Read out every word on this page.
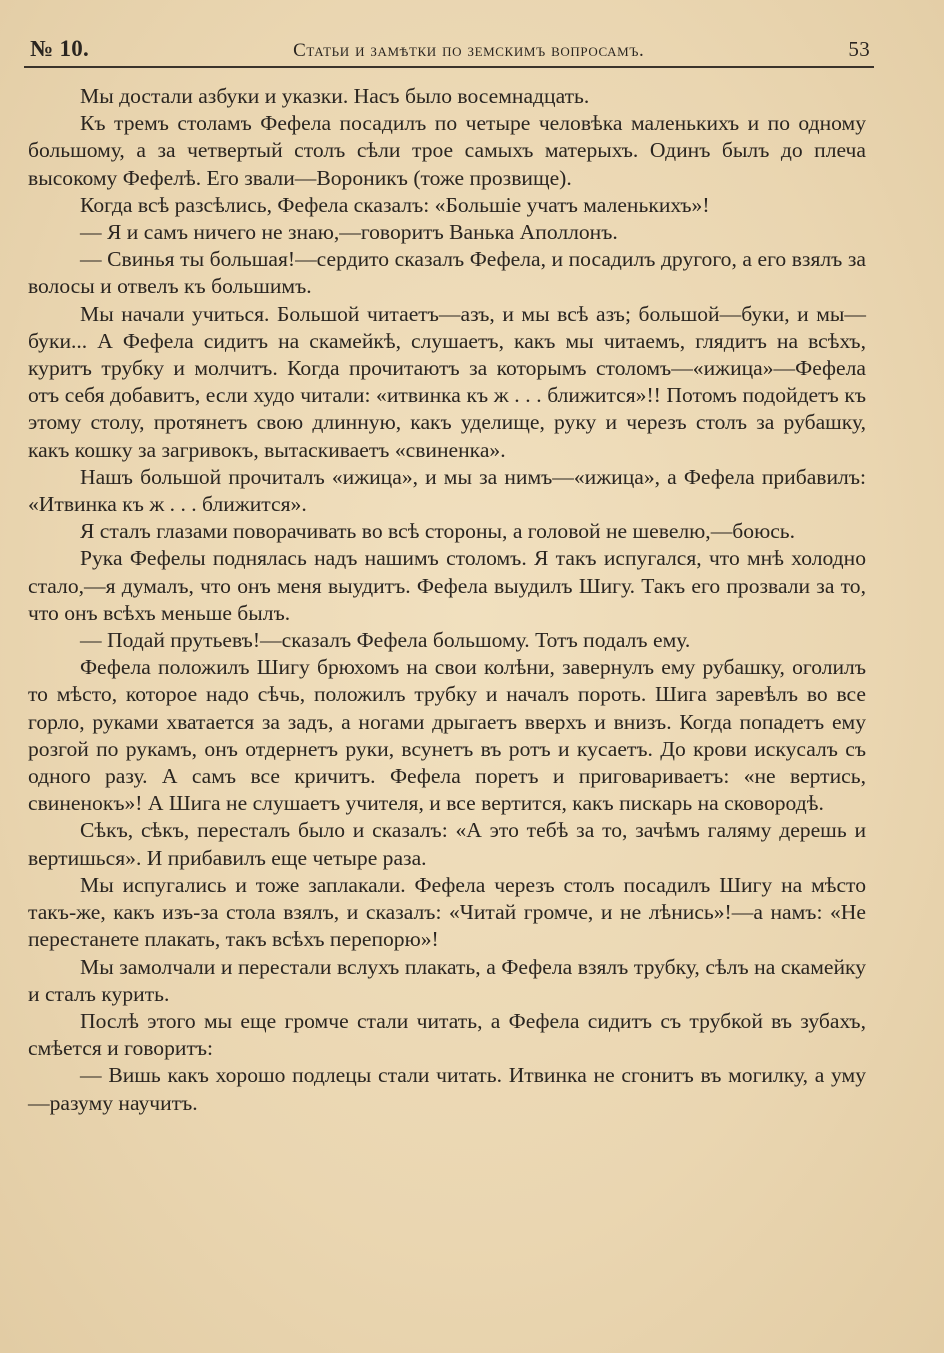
№ 10.	Статьи и замѣтки по земскимъ вопросамъ.	53

Мы достали азбуки и указки. Насъ было восемнадцать.

Къ тремъ столамъ Фефела посадилъ по четыре человѣка маленькихъ и по одному большому, а за четвертый столъ сѣли трое самыхъ матерыхъ. Одинъ былъ до плеча высокому Фефелѣ. Его звали—Вороникъ (тоже прозвище).

Когда всѣ разсѣлись, Фефела сказалъ: «Большіе учатъ маленькихъ»!

— Я и самъ ничего не знаю,—говоритъ Ванька Аполлонъ.

— Свинья ты большая!—сердито сказалъ Фефела, и посадилъ другого, а его взялъ за волосы и отвелъ къ большимъ.

Мы начали учиться. Большой читаетъ—азъ, и мы всѣ азъ; большой—буки, и мы—буки... А Фефела сидитъ на скамейкѣ, слушаетъ, какъ мы читаемъ, глядитъ на всѣхъ, куритъ трубку и молчитъ. Когда прочитаютъ за которымъ столомъ—«ижица»—Фефела отъ себя добавитъ, если худо читали: «итвинка къ ж . . . ближится»!! Потомъ подойдетъ къ этому столу, протянетъ свою длинную, какъ уделище, руку и черезъ столъ за рубашку, какъ кошку за загривокъ, вытаскиваетъ «свиненка».

Нашъ большой прочиталъ «ижица», и мы за нимъ—«ижица», а Фефела прибавилъ: «Итвинка къ ж . . . ближится».

Я сталъ глазами поворачивать во всѣ стороны, а головой не шевелю,—боюсь.

Рука Фефелы поднялась надъ нашимъ столомъ. Я такъ испугался, что мнѣ холодно стало,—я думалъ, что онъ меня выудитъ. Фефела выудилъ Шигу. Такъ его прозвали за то, что онъ всѣхъ меньше былъ.

— Подай прутьевъ!—сказалъ Фефела большому. Тотъ подалъ ему.

Фефела положилъ Шигу брюхомъ на свои колѣни, завернулъ ему рубашку, оголилъ то мѣсто, которое надо сѣчь, положилъ трубку и началъ пороть. Шига заревѣлъ во все горло, руками хватается за задъ, а ногами дрыгаетъ вверхъ и внизъ. Когда попадетъ ему розгой по рукамъ, онъ отдернетъ руки, всунетъ въ ротъ и кусаетъ. До крови искусалъ съ одного разу. А самъ все кричитъ. Фефела поретъ и приговариваетъ: «не вертись, свиненокъ»! А Шига не слушаетъ учителя, и все вертится, какъ пискарь на сковородѣ.

Сѣкъ, сѣкъ, пересталъ было и сказалъ: «А это тебѣ за то, зачѣмъ галяму дерешь и вертишься». И прибавилъ еще четыре раза.

Мы испугались и тоже заплакали. Фефела черезъ столъ посадилъ Шигу на мѣсто такъ-же, какъ изъ-за стола взялъ, и сказалъ: «Читай громче, и не лѣнись»!—а намъ: «Не перестанете плакать, такъ всѣхъ перепорю»!

Мы замолчали и перестали вслухъ плакать, а Фефела взялъ трубку, сѣлъ на скамейку и сталъ курить.

Послѣ этого мы еще громче стали читать, а Фефела сидитъ съ трубкой въ зубахъ, смѣется и говоритъ:

— Вишь какъ хорошо подлецы стали читать. Итвинка не сгонитъ въ могилку, а уму—разуму научитъ.
